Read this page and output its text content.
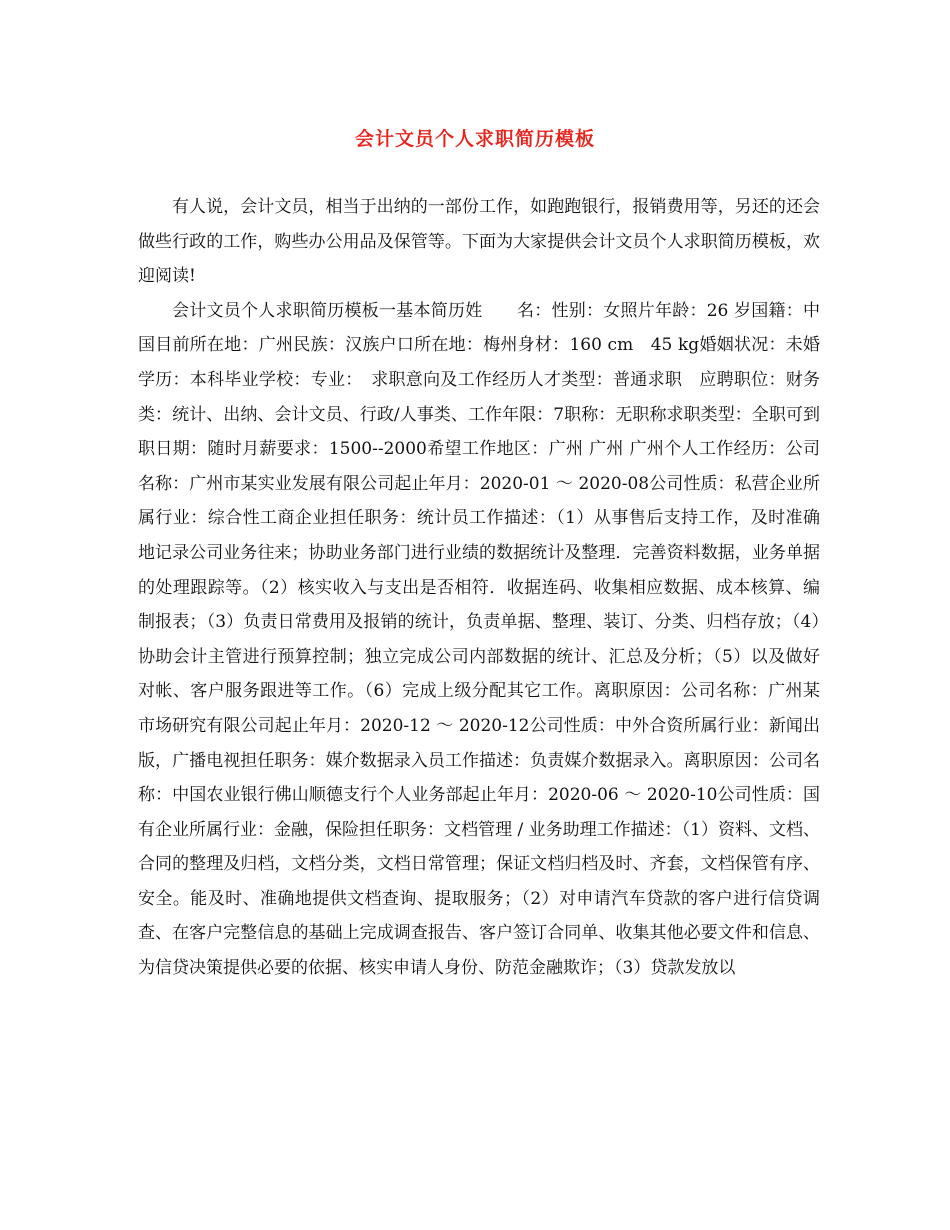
会计文员个人求职简历模板

有人说，会计文员，相当于出纳的一部份工作，如跑跑银行，报销费用等，另还的还会做些行政的工作，购些办公用品及保管等。下面为大家提供会计文员个人求职简历模板，欢迎阅读!

会计文员个人求职简历模板一基本简历姓　　名：性别：女照片年龄：26 岁国籍：中国目前所在地：广州民族：汉族户口所在地：梅州身材：160 cm　45 kg婚姻状况：未婚学历：本科毕业学校：专业：　求职意向及工作经历人才类型：普通求职　应聘职位：财务类：统计、出纳、会计文员、行政/人事类、工作年限：7职称：无职称求职类型：全职可到职日期：随时月薪要求：1500--2000希望工作地区：广州 广州 广州个人工作经历：公司名称：广州市某实业发展有限公司起止年月：2020-01 ～ 2020-08公司性质：私营企业所属行业：综合性工商企业担任职务：统计员工作描述：（1）从事售后支持工作，及时准确地记录公司业务往来；协助业务部门进行业绩的数据统计及整理．完善资料数据，业务单据的处理跟踪等。（2）核实收入与支出是否相符．收据连码、收集相应数据、成本核算、编制报表；（3）负责日常费用及报销的统计，负责单据、整理、装订、分类、归档存放；（4）协助会计主管进行预算控制；独立完成公司内部数据的统计、汇总及分析；（5）以及做好对帐、客户服务跟进等工作。（6）完成上级分配其它工作。离职原因：公司名称：广州某市场研究有限公司起止年月：2020-12 ～ 2020-12公司性质：中外合资所属行业：新闻出版，广播电视担任职务：媒介数据录入员工作描述：负责媒介数据录入。离职原因：公司名称：中国农业银行佛山顺德支行个人业务部起止年月：2020-06 ～ 2020-10公司性质：国有企业所属行业：金融，保险担任职务：文档管理 / 业务助理工作描述：（1）资料、文档、合同的整理及归档，文档分类，文档日常管理；保证文档归档及时、齐套，文档保管有序、安全。能及时、准确地提供文档查询、提取服务；（2）对申请汽车贷款的客户进行信贷调查、在客户完整信息的基础上完成调查报告、客户签订合同单、收集其他必要文件和信息、为信贷决策提供必要的依据、核实申请人身份、防范金融欺诈；（3）贷款发放以
